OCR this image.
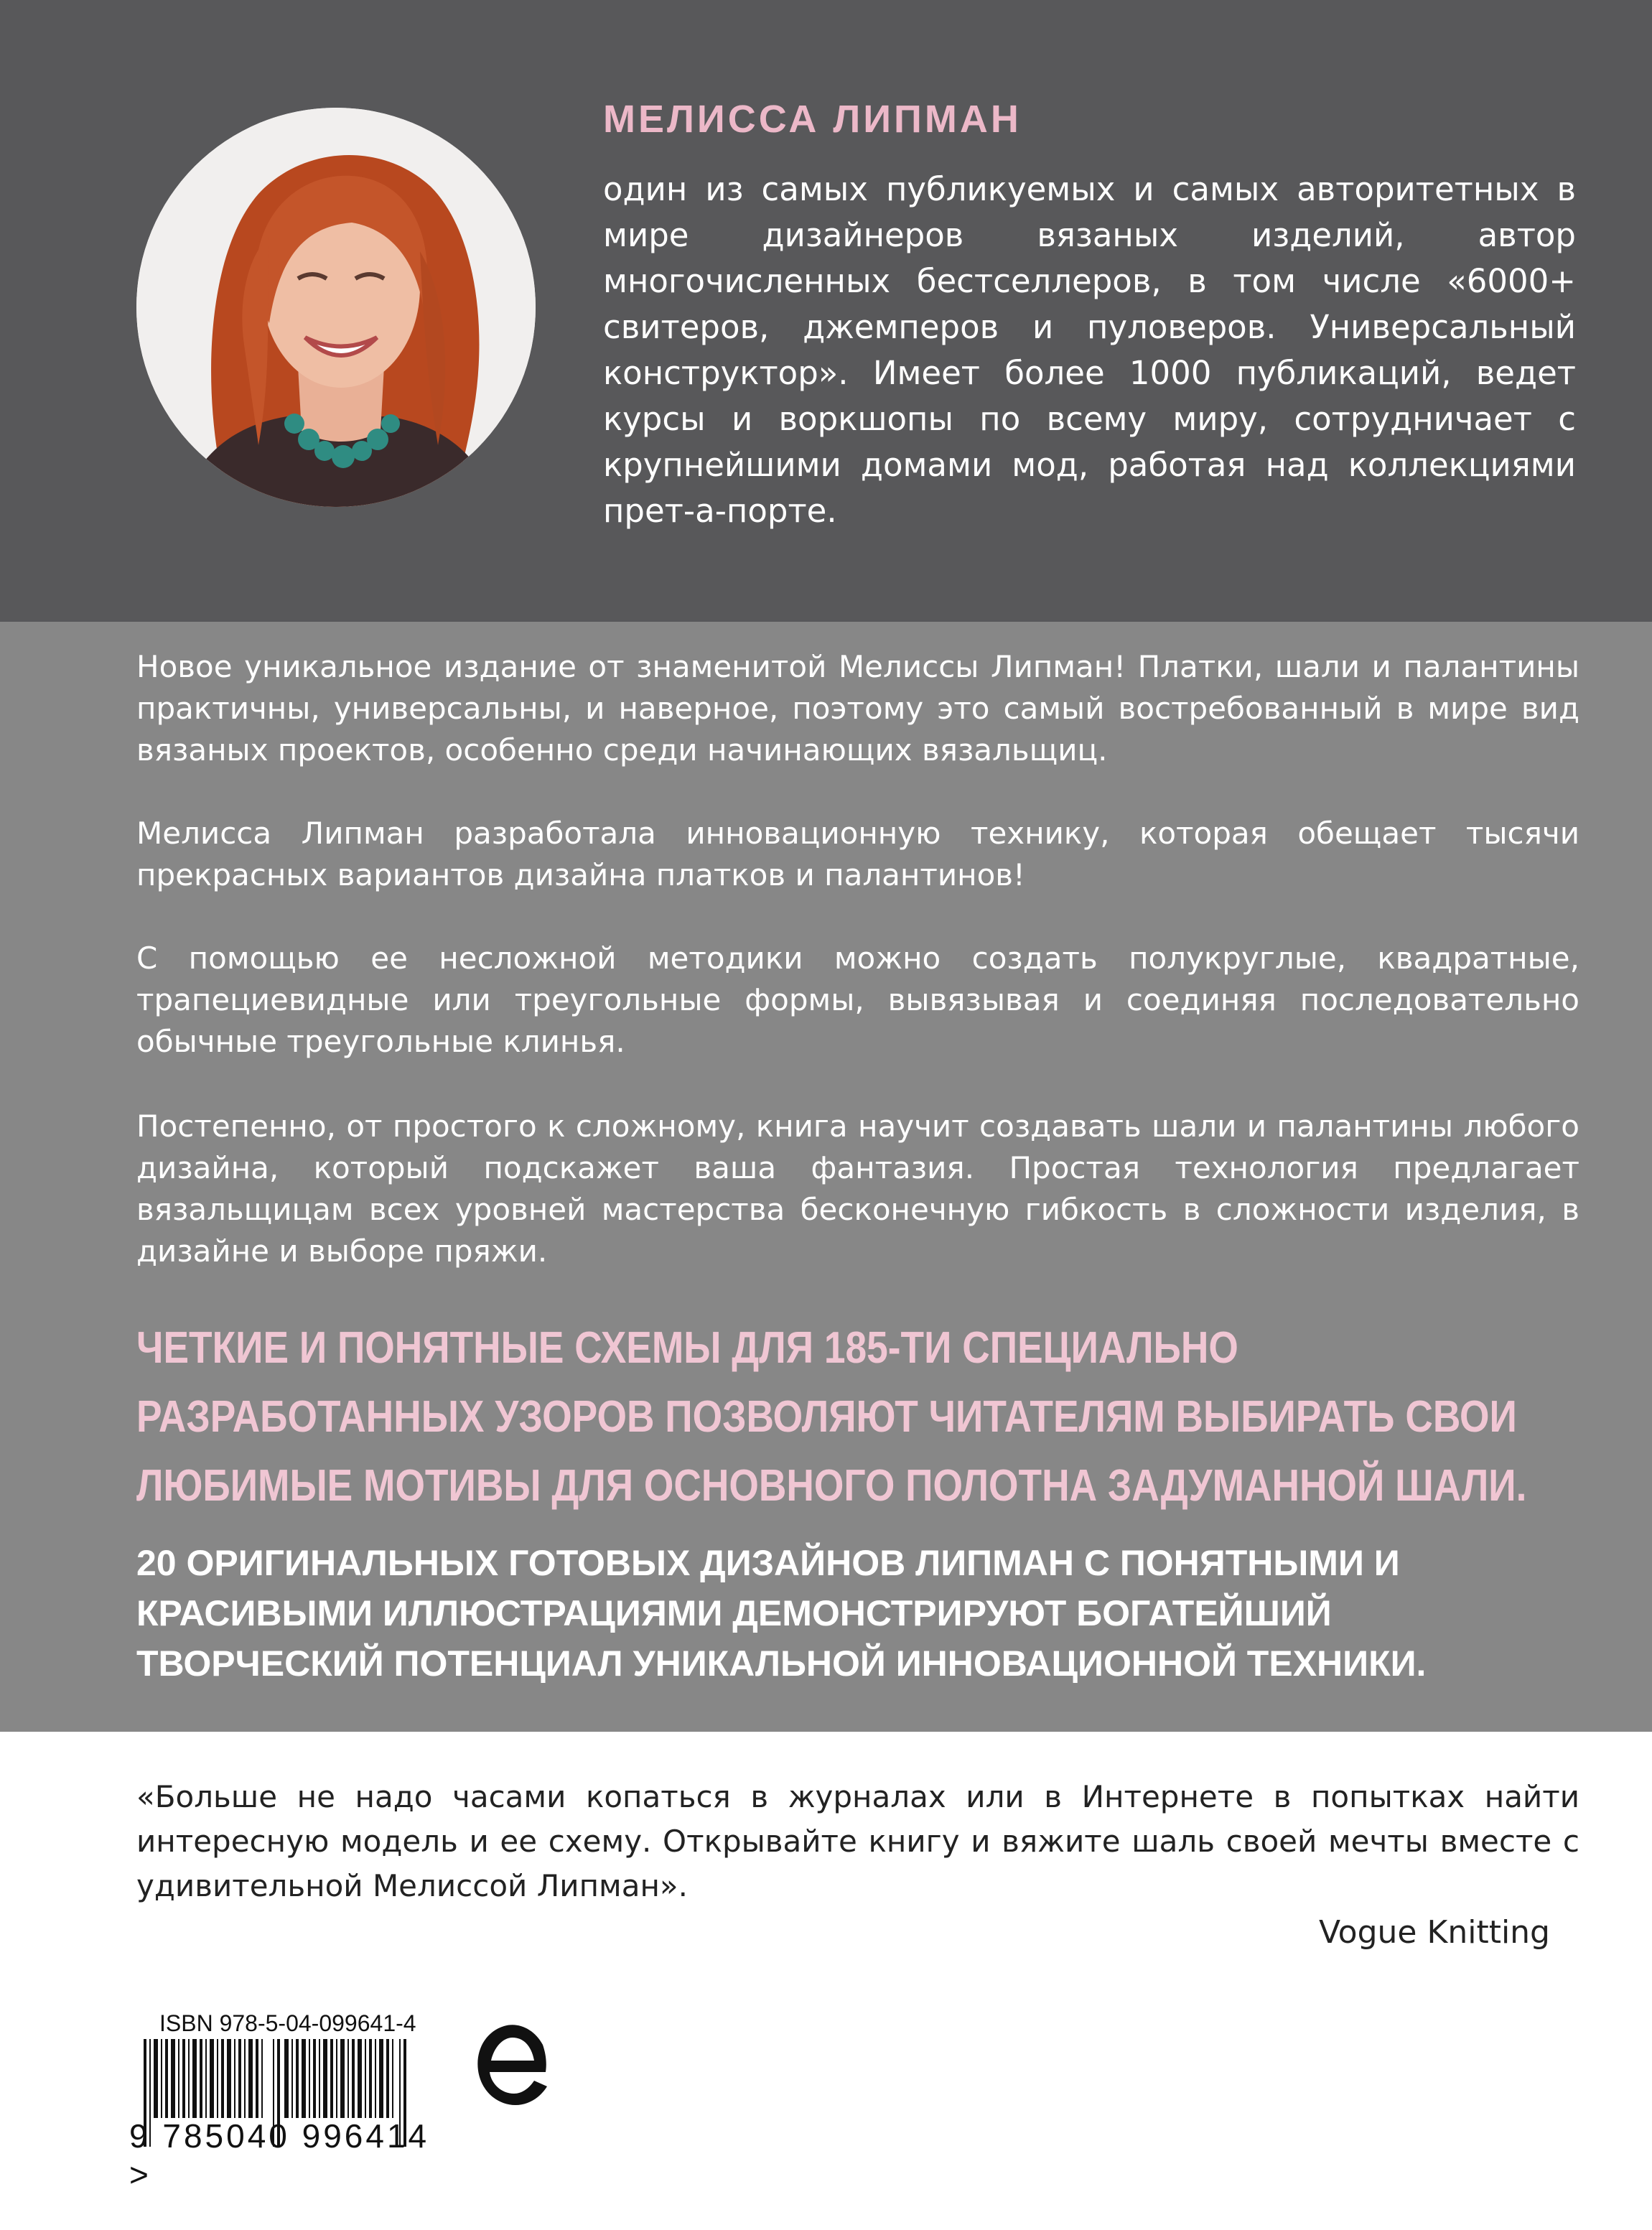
МЕЛИССА ЛИПМАН

один из самых публикуемых и самых авторитетных в мире дизайнеров вязаных изделий, автор многочисленных бестселлеров, в том числе «6000+ свитеров, джемперов и пуловеров. Универсальный конструктор». Имеет более 1000 публикаций, ведет курсы и воркшопы по всему миру, сотрудничает с крупнейшими домами мод, работая над коллекциями прет-а-порте.

Новое уникальное издание от знаменитой Мелиссы Липман! Платки, шали и палантины практичны, универсальны, и наверное, поэтому это самый востребованный в мире вид вязаных проектов, особенно среди начинающих вязальщиц.

Мелисса Липман разработала инновационную технику, которая обещает тысячи прекрасных вариантов дизайна платков и палантинов!

С помощью ее несложной методики можно создать полукруглые, квадратные, трапециевидные или треугольные формы, вывязывая и соединяя последовательно обычные треугольные клинья.

Постепенно, от простого к сложному, книга научит создавать шали и палантины любого дизайна, который подскажет ваша фантазия. Простая технология предлагает вязальщицам всех уровней мастерства бесконечную гибкость в сложности изделия, в дизайне и выборе пряжи.

ЧЕТКИЕ И ПОНЯТНЫЕ СХЕМЫ ДЛЯ 185-ТИ СПЕЦИАЛЬНО РАЗРАБОТАННЫХ УЗОРОВ ПОЗВОЛЯЮТ ЧИТАТЕЛЯМ ВЫБИРАТЬ СВОИ ЛЮБИМЫЕ МОТИВЫ ДЛЯ ОСНОВНОГО ПОЛОТНА ЗАДУМАННОЙ ШАЛИ.

20 ОРИГИНАЛЬНЫХ ГОТОВЫХ ДИЗАЙНОВ ЛИПМАН С ПОНЯТНЫМИ И КРАСИВЫМИ ИЛЛЮСТРАЦИЯМИ ДЕМОНСТРИРУЮТ БОГАТЕЙШИЙ ТВОРЧЕСКИЙ ПОТЕНЦИАЛ УНИКАЛЬНОЙ ИННОВАЦИОННОЙ ТЕХНИКИ.

«Больше не надо часами копаться в журналах или в Интернете в попытках найти интересную модель и ее схему. Открывайте книгу и вяжите шаль своей мечты вместе с удивительной Мелиссой Липман».

Vogue Knitting

ISBN 978-5-04-099641-4
9 785040 996414 >
